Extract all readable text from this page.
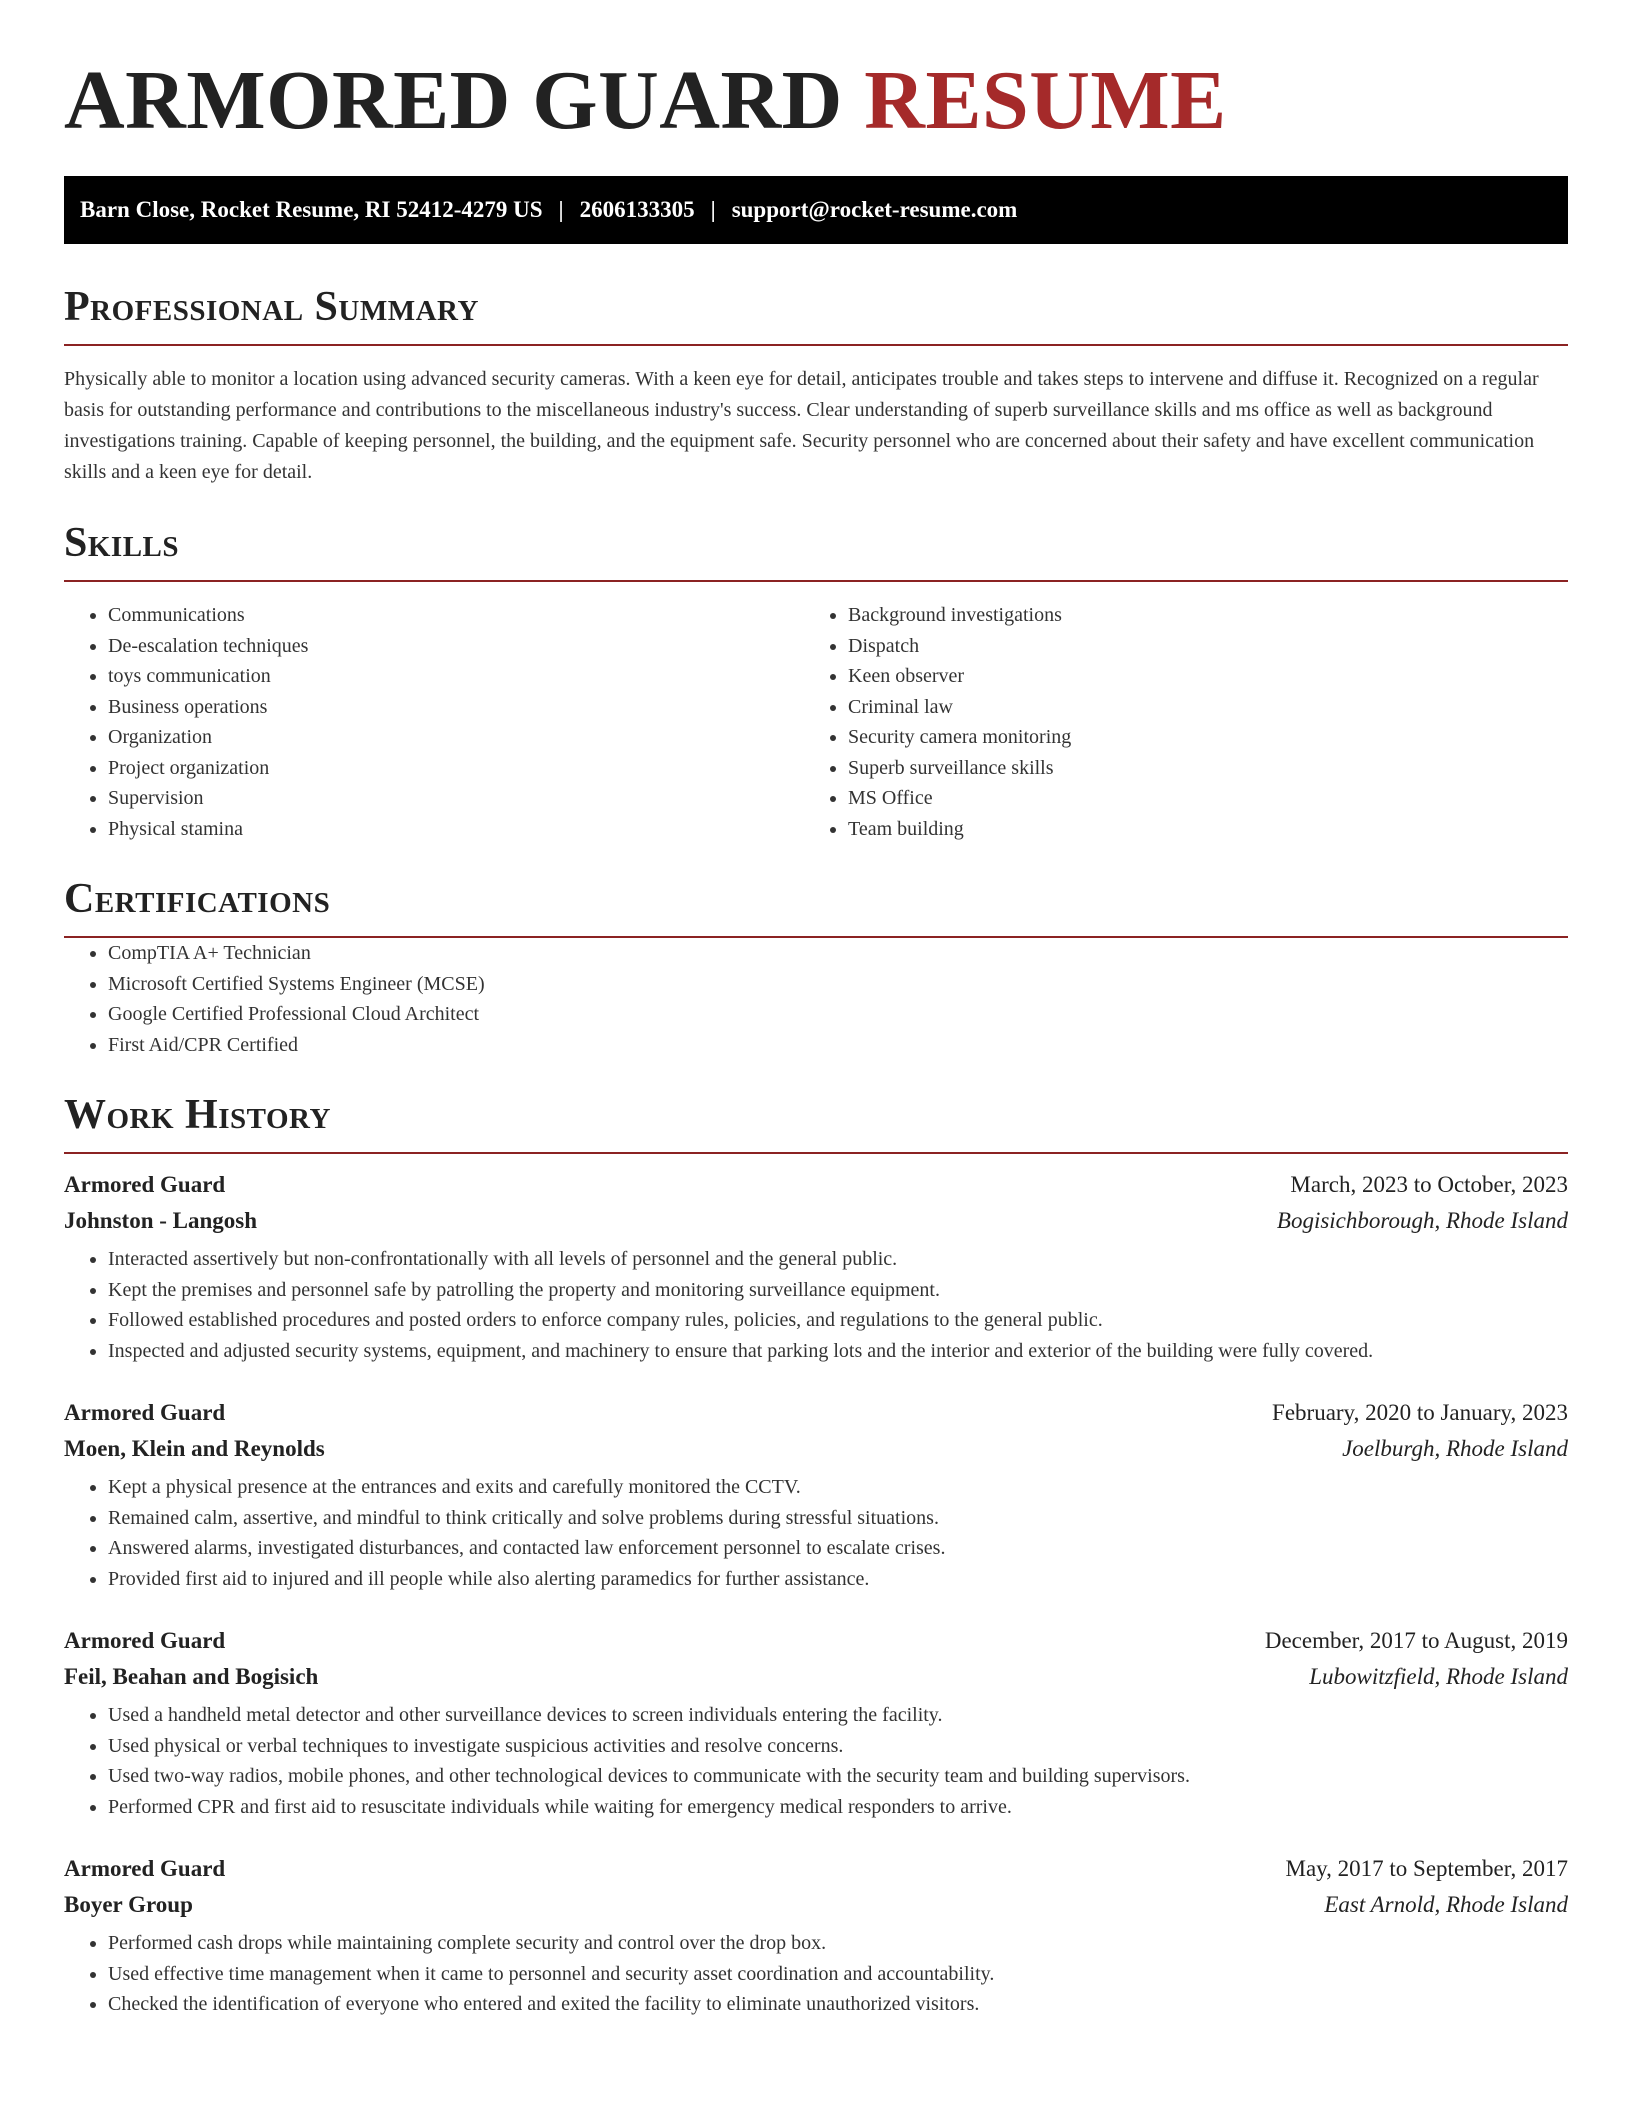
ARMORED GUARD RESUME
Barn Close, Rocket Resume, RI 52412-4279 US | 2606133305 | support@rocket-resume.com
Professional Summary

Physically able to monitor a location using advanced security cameras. With a keen eye for detail, anticipates trouble and takes steps to intervene and diffuse it. Recognized on a regular basis for outstanding performance and contributions to the miscellaneous industry's success. Clear understanding of superb surveillance skills and ms office as well as background investigations training. Capable of keeping personnel, the building, and the equipment safe. Security personnel who are concerned about their safety and have excellent communication skills and a keen eye for detail.

Skills
• Communications
• De-escalation techniques
• toys communication
• Business operations
• Organization
• Project organization
• Supervision
• Physical stamina
• Background investigations
• Dispatch
• Keen observer
• Criminal law
• Security camera monitoring
• Superb surveillance skills
• MS Office
• Team building
Certifications
• CompTIA A+ Technician
• Microsoft Certified Systems Engineer (MCSE)
• Google Certified Professional Cloud Architect
• First Aid/CPR Certified
Work History
Armored Guard	March, 2023 to October, 2023
Johnston - Langosh	Bogisichborough, Rhode Island
• Interacted assertively but non-confrontationally with all levels of personnel and the general public.
• Kept the premises and personnel safe by patrolling the property and monitoring surveillance equipment.
• Followed established procedures and posted orders to enforce company rules, policies, and regulations to the general public.
• Inspected and adjusted security systems, equipment, and machinery to ensure that parking lots and the interior and exterior of the building were fully covered.
Armored Guard	February, 2020 to January, 2023
Moen, Klein and Reynolds	Joelburgh, Rhode Island
• Kept a physical presence at the entrances and exits and carefully monitored the CCTV.
• Remained calm, assertive, and mindful to think critically and solve problems during stressful situations.
• Answered alarms, investigated disturbances, and contacted law enforcement personnel to escalate crises.
• Provided first aid to injured and ill people while also alerting paramedics for further assistance.
Armored Guard	December, 2017 to August, 2019
Feil, Beahan and Bogisich	Lubowitzfield, Rhode Island
• Used a handheld metal detector and other surveillance devices to screen individuals entering the facility.
• Used physical or verbal techniques to investigate suspicious activities and resolve concerns.
• Used two-way radios, mobile phones, and other technological devices to communicate with the security team and building supervisors.
• Performed CPR and first aid to resuscitate individuals while waiting for emergency medical responders to arrive.
Armored Guard	May, 2017 to September, 2017
Boyer Group	East Arnold, Rhode Island
• Performed cash drops while maintaining complete security and control over the drop box.
• Used effective time management when it came to personnel and security asset coordination and accountability.
• Checked the identification of everyone who entered and exited the facility to eliminate unauthorized visitors.
